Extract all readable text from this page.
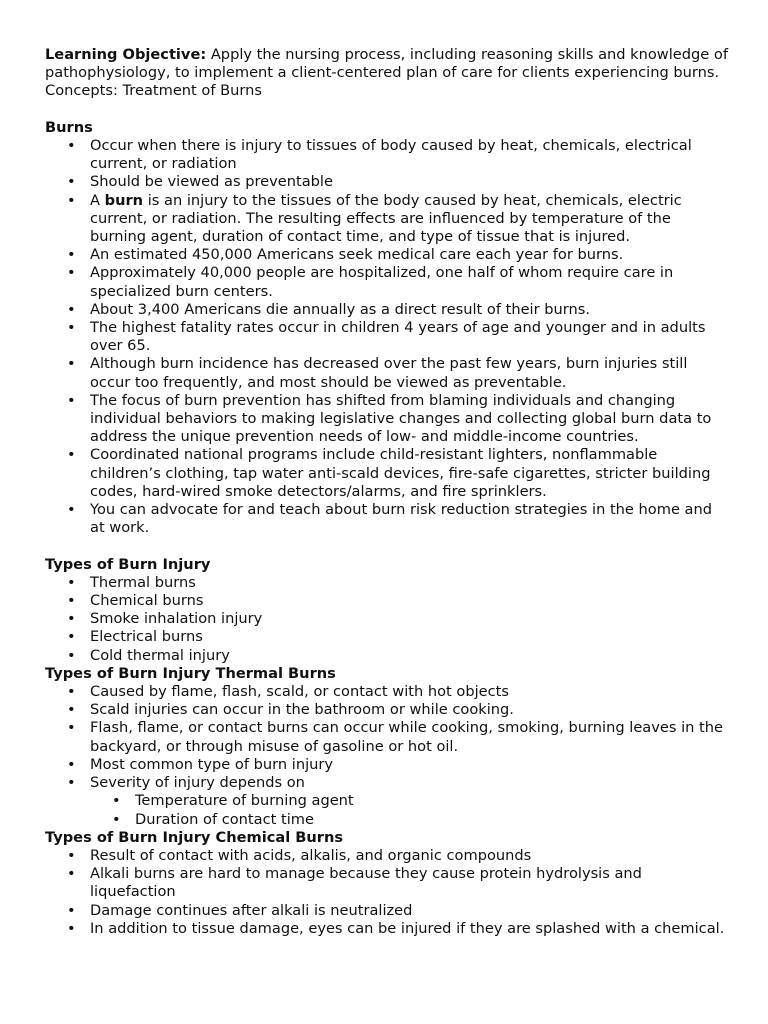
Learning Objective: Apply the nursing process, including reasoning skills and knowledge of pathophysiology, to implement a client-centered plan of care for clients experiencing burns.

Concepts: Treatment of Burns

Burns

• Occur when there is injury to tissues of body caused by heat, chemicals, electrical current, or radiation
• Should be viewed as preventable
• A burn is an injury to the tissues of the body caused by heat, chemicals, electric current, or radiation. The resulting effects are influenced by temperature of the burning agent, duration of contact time, and type of tissue that is injured.
• An estimated 450,000 Americans seek medical care each year for burns.
• Approximately 40,000 people are hospitalized, one half of whom require care in specialized burn centers.
• About 3,400 Americans die annually as a direct result of their burns.
• The highest fatality rates occur in children 4 years of age and younger and in adults over 65.
• Although burn incidence has decreased over the past few years, burn injuries still occur too frequently, and most should be viewed as preventable.
• The focus of burn prevention has shifted from blaming individuals and changing individual behaviors to making legislative changes and collecting global burn data to address the unique prevention needs of low- and middle-income countries.
• Coordinated national programs include child-resistant lighters, nonflammable children’s clothing, tap water anti-scald devices, fire-safe cigarettes, stricter building codes, hard-wired smoke detectors/alarms, and fire sprinklers.
• You can advocate for and teach about burn risk reduction strategies in the home and at work.

Types of Burn Injury

• Thermal burns
• Chemical burns
• Smoke inhalation injury
• Electrical burns
• Cold thermal injury

Types of Burn Injury Thermal Burns

• Caused by flame, flash, scald, or contact with hot objects
• Scald injuries can occur in the bathroom or while cooking.
• Flash, flame, or contact burns can occur while cooking, smoking, burning leaves in the backyard, or through misuse of gasoline or hot oil.
• Most common type of burn injury
• Severity of injury depends on
• Temperature of burning agent
• Duration of contact time

Types of Burn Injury Chemical Burns

• Result of contact with acids, alkalis, and organic compounds
• Alkali burns are hard to manage because they cause protein hydrolysis and liquefaction
• Damage continues after alkali is neutralized
• In addition to tissue damage, eyes can be injured if they are splashed with a chemical.
